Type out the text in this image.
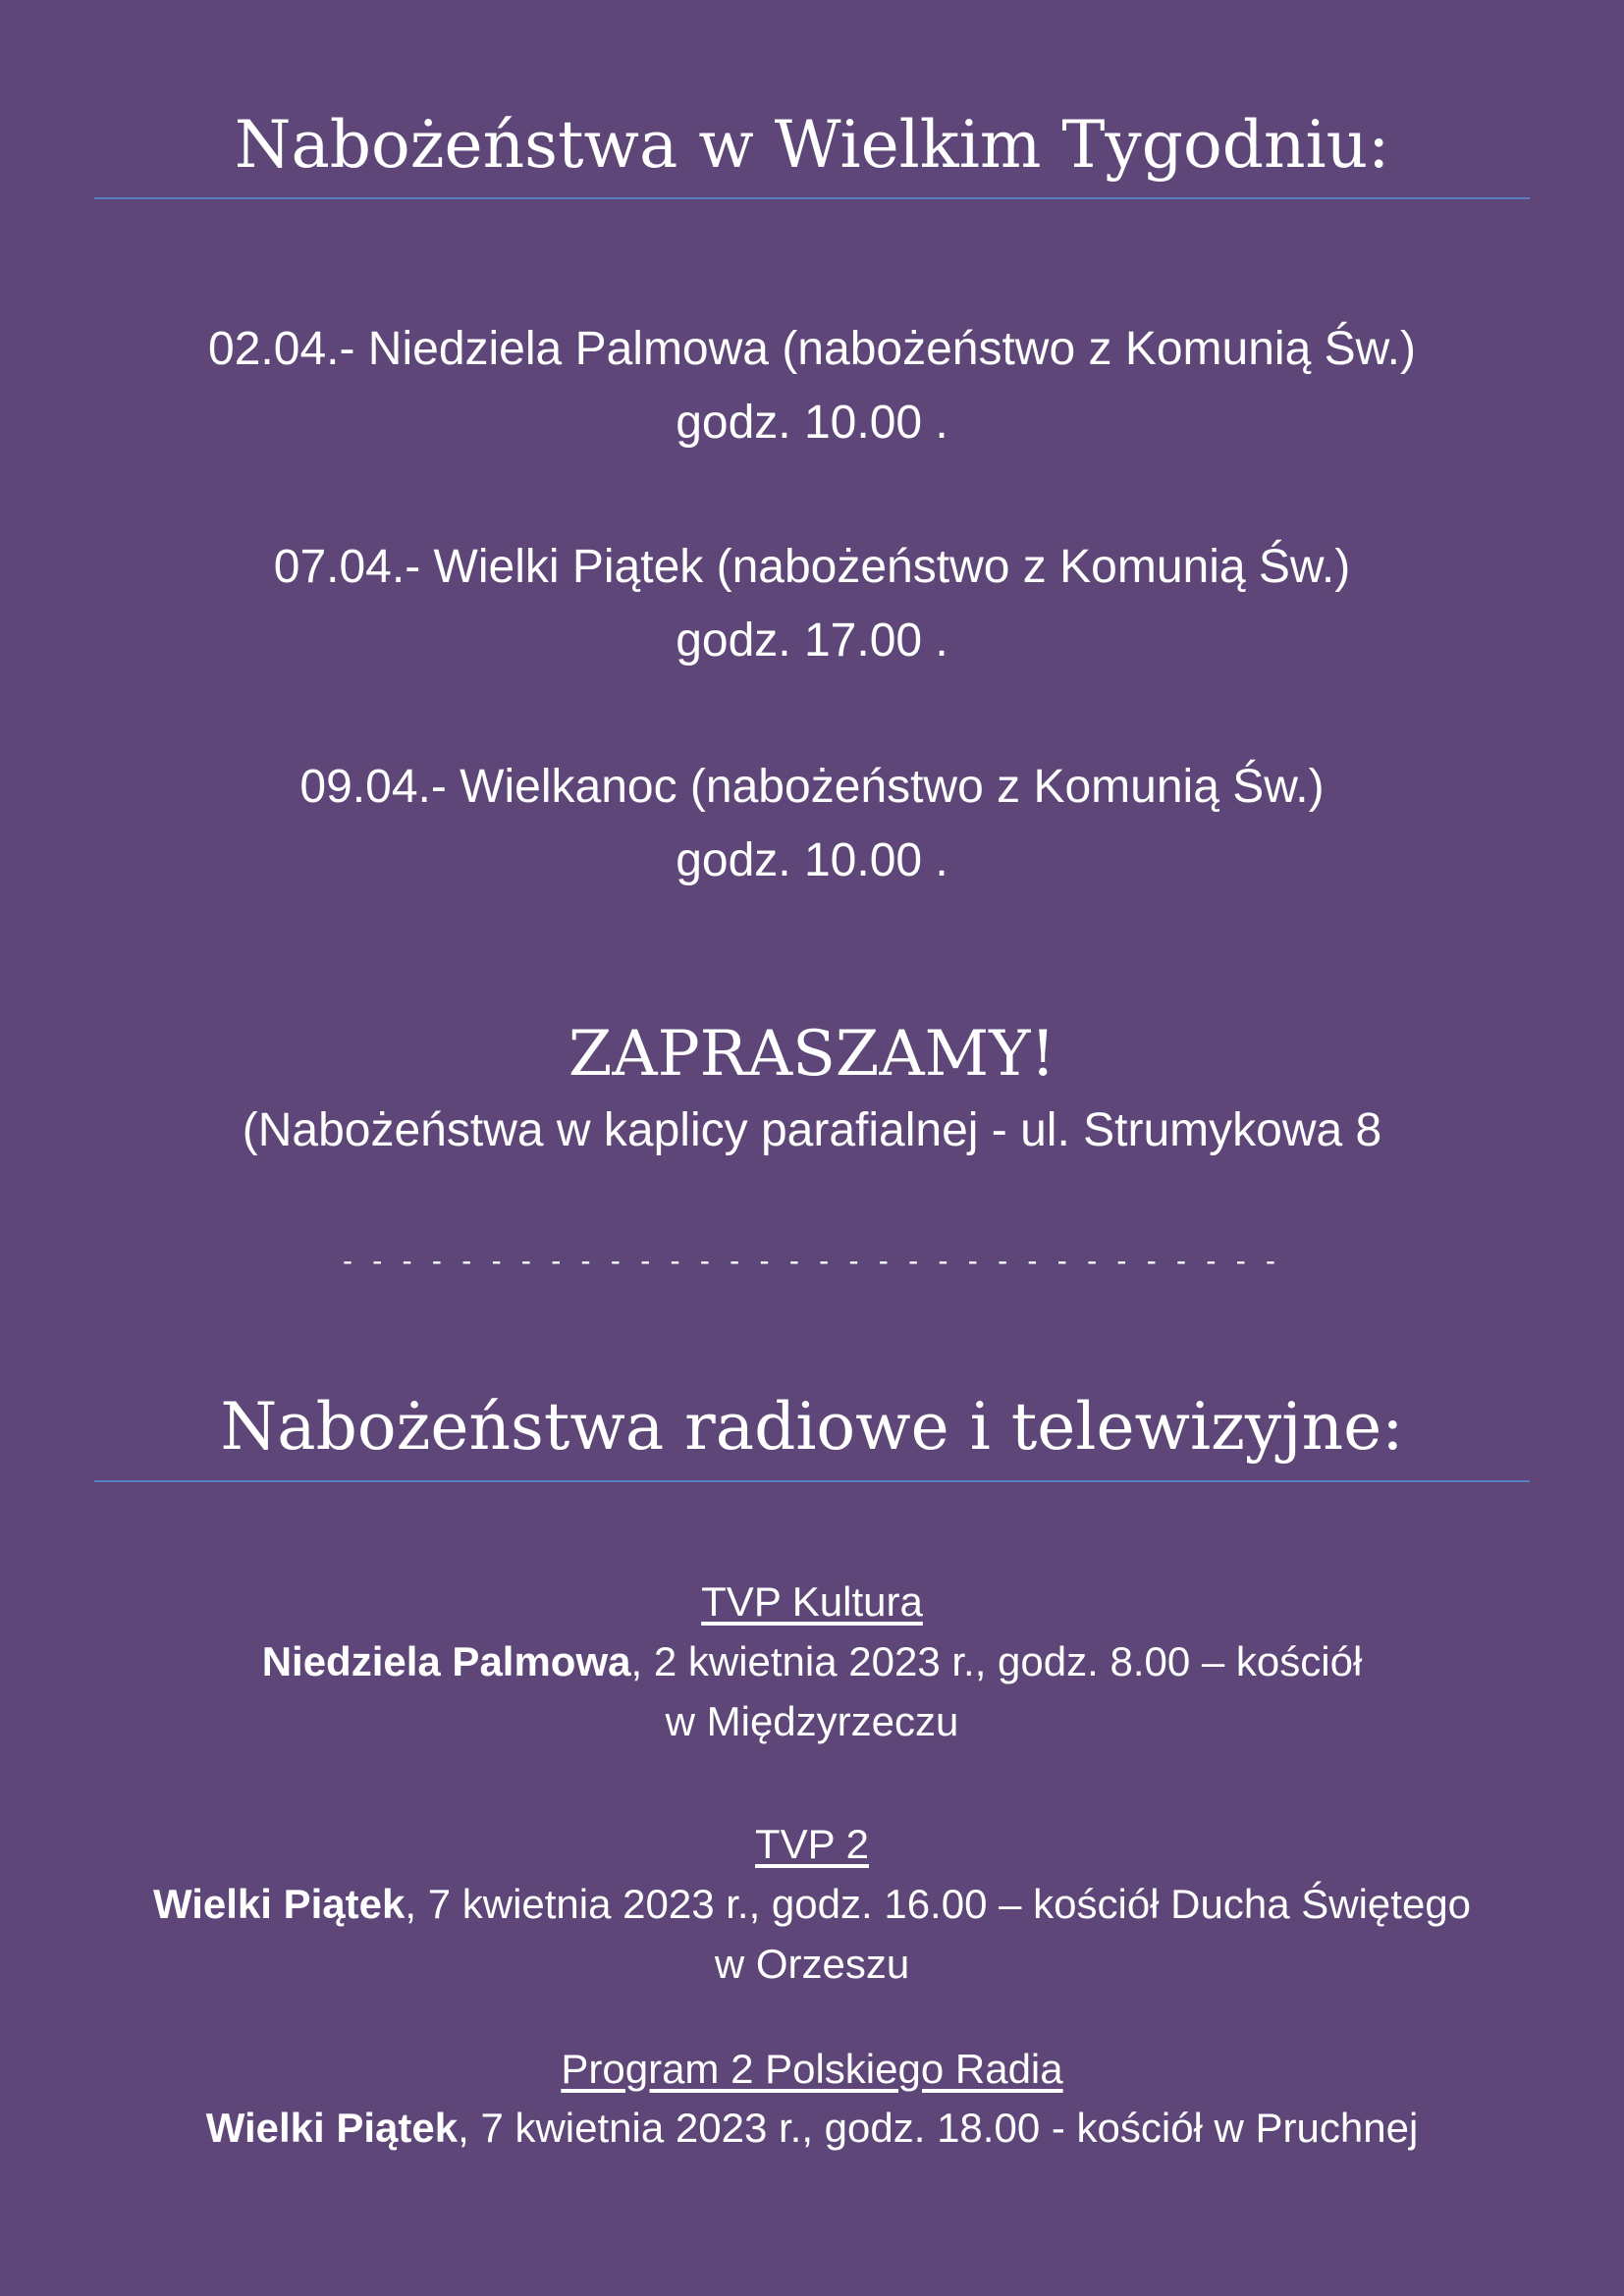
Nabożeństwa w Wielkim Tygodniu:
02.04.- Niedziela Palmowa (nabożeństwo z Komunią Św.)
godz. 10.00 .
07.04.- Wielki Piątek (nabożeństwo z Komunią Św.)
godz. 17.00 .
09.04.- Wielkanoc (nabożeństwo z Komunią Św.)
godz. 10.00 .
ZAPRASZAMY!
(Nabożeństwa w kaplicy parafialnej - ul. Strumykowa 8
- - - - - - - - - - - - - - - - - - - - - - - - - - - - - - - -
Nabożeństwa radiowe i telewizyjne:
TVP Kultura
Niedziela Palmowa, 2 kwietnia 2023 r., godz. 8.00 – kościół
w Międzyrzeczu
TVP 2
Wielki Piątek, 7 kwietnia 2023 r., godz. 16.00 – kościół Ducha Świętego
w Orzeszu
Program 2 Polskiego Radia
Wielki Piątek, 7 kwietnia 2023 r., godz. 18.00 - kościół w Pruchnej
